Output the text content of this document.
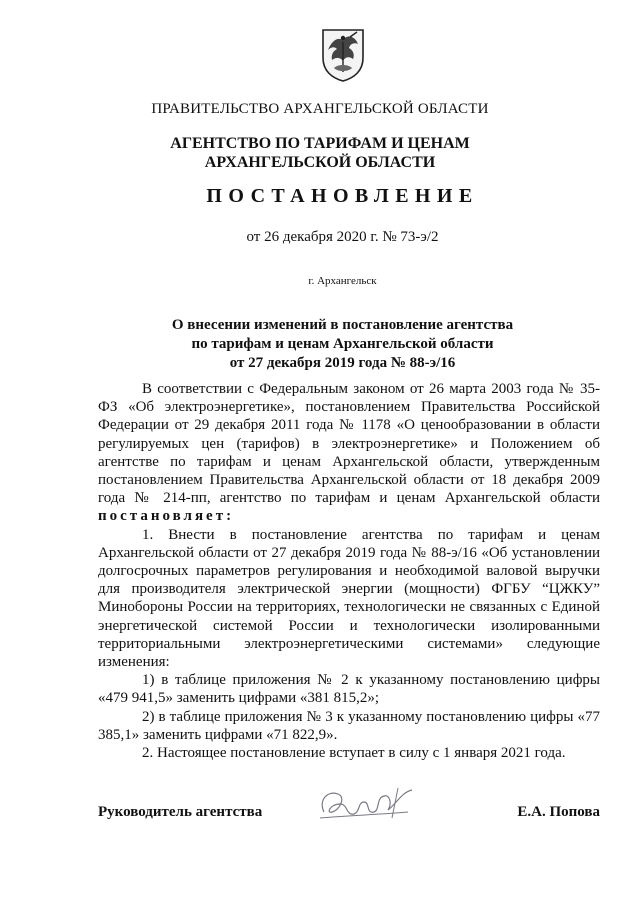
ПРАВИТЕЛЬСТВО АРХАНГЕЛЬСКОЙ ОБЛАСТИ
АГЕНТСТВО ПО ТАРИФАМ И ЦЕНАМ
АРХАНГЕЛЬСКОЙ ОБЛАСТИ
ПОСТАНОВЛЕНИЕ
от 26 декабря 2020 г. № 73-э/2
г. Архангельск
О внесении изменений в постановление агентства
по тарифам и ценам Архангельской области
от 27 декабря 2019 года № 88-э/16

В соответствии с Федеральным законом от 26 марта 2003 года № 35-ФЗ «Об электроэнергетике», постановлением Правительства Российской Федерации от 29 декабря 2011 года № 1178 «О ценообразовании в области регулируемых цен (тарифов) в электроэнергетике» и Положением об агентстве по тарифам и ценам Архангельской области, утвержденным постановлением Правительства Архангельской области от 18 декабря 2009 года № 214-пп, агентство по тарифам и ценам Архангельской области

постановляет:

1. Внести в постановление агентства по тарифам и ценам Архангельской области от 27 декабря 2019 года № 88-э/16 «Об установлении долгосрочных параметров регулирования и необходимой валовой выручки для производителя электрической энергии (мощности) ФГБУ “ЦЖКУ” Минобороны России на территориях, технологически не связанных с Единой энергетической системой России и технологически изолированными территориальными электроэнергетическими системами» следующие изменения:

1) в таблице приложения № 2 к указанному постановлению цифры «479 941,5» заменить цифрами «381 815,2»;

2) в таблице приложения № 3 к указанному постановлению цифры «77 385,1» заменить цифрами «71 822,9».

2. Настоящее постановление вступает в силу с 1 января 2021 года.

Руководитель агентства	Е.А. Попова
